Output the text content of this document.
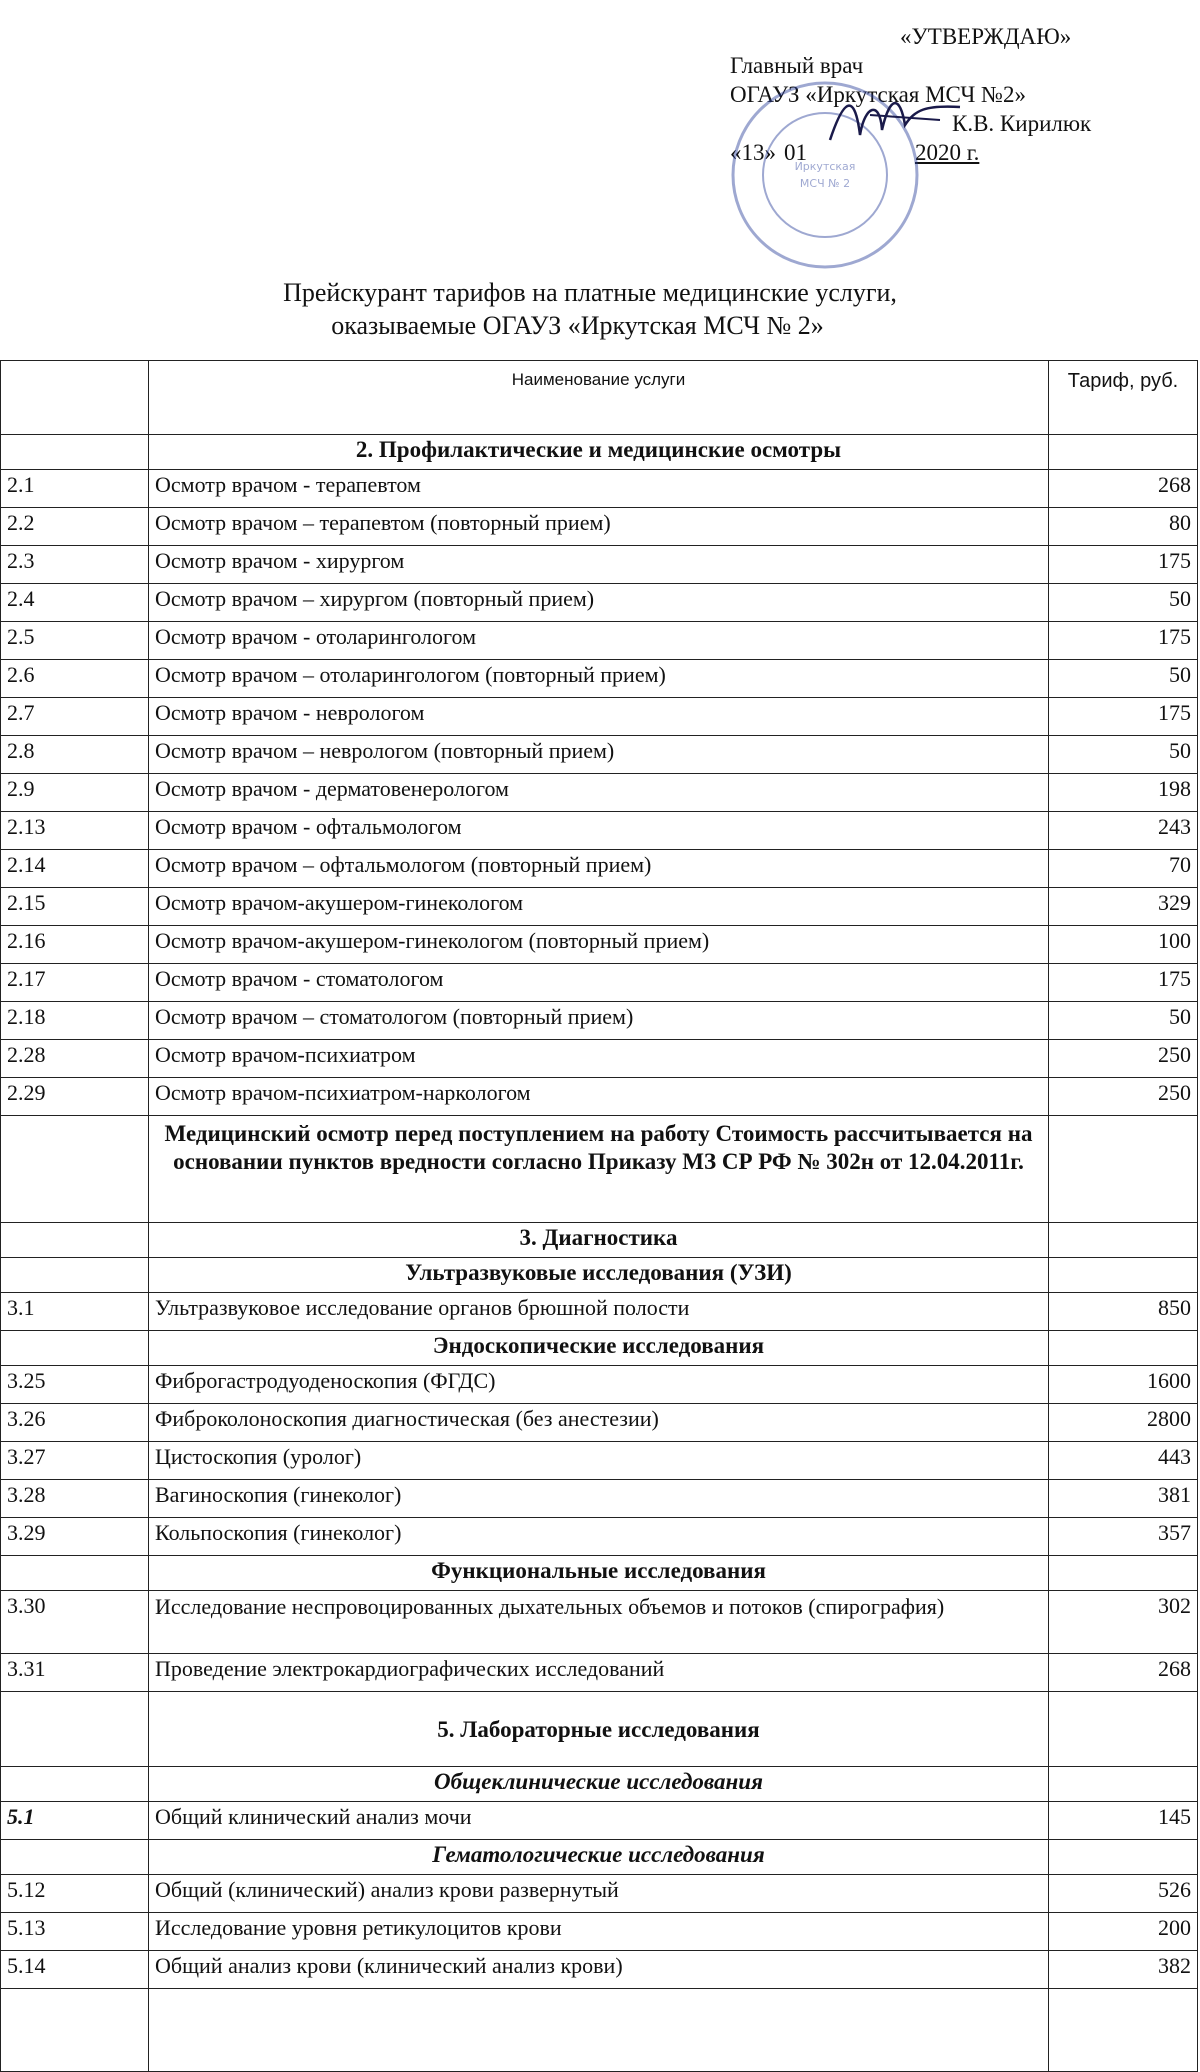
«УТВЕРЖДАЮ»
Главный врач
ОГАУЗ «Иркутская МСЧ №2»
К.В. Кирилюк
«13» 01	2020 г.
Иркутская
МСЧ № 2
Прейскурант тарифов на платные медицинские услуги,
оказываемые ОГАУЗ «Иркутская МСЧ № 2»
	Наименование услуги	Тариф, руб.
	2. Профилактические и медицинские осмотры	
2.1	Осмотр врачом - терапевтом	268
2.2	Осмотр врачом – терапевтом (повторный прием)	80
2.3	Осмотр врачом - хирургом	175
2.4	Осмотр врачом – хирургом (повторный прием)	50
2.5	Осмотр врачом - отоларингологом	175
2.6	Осмотр врачом – отоларингологом (повторный прием)	50
2.7	Осмотр врачом - неврологом	175
2.8	Осмотр врачом – неврологом (повторный прием)	50
2.9	Осмотр врачом - дерматовенерологом	198
2.13	Осмотр врачом - офтальмологом	243
2.14	Осмотр врачом – офтальмологом (повторный прием)	70
2.15	Осмотр врачом-акушером-гинекологом	329
2.16	Осмотр врачом-акушером-гинекологом (повторный прием)	100
2.17	Осмотр врачом - стоматологом	175
2.18	Осмотр врачом – стоматологом (повторный прием)	50
2.28	Осмотр врачом-психиатром	250
2.29	Осмотр врачом-психиатром-наркологом	250
	Медицинский осмотр перед поступлением на работу Стоимость рассчитывается на основании пунктов вредности согласно Приказу МЗ СР РФ № 302н от 12.04.2011г.	
	3. Диагностика	
	Ультразвуковые исследования (УЗИ)	
3.1	Ультразвуковое исследование органов брюшной полости	850
	Эндоскопические исследования	
3.25	Фиброгастродуоденоскопия (ФГДС)	1600
3.26	Фиброколоноскопия диагностическая (без анестезии)	2800
3.27	Цистоскопия (уролог)	443
3.28	Вагиноскопия (гинеколог)	381
3.29	Кольпоскопия (гинеколог)	357
	Функциональные исследования	
3.30	Исследование неспровоцированных дыхательных объемов и потоков (спирография)	302
3.31	Проведение электрокардиографических исследований	268
	5. Лабораторные исследования	
	Общеклинические исследования	
5.1	Общий клинический анализ мочи	145
	Гематологические исследования	
5.12	Общий (клинический) анализ крови развернутый	526
5.13	Исследование уровня ретикулоцитов крови	200
5.14	Общий анализ крови (клинический анализ крови)	382
